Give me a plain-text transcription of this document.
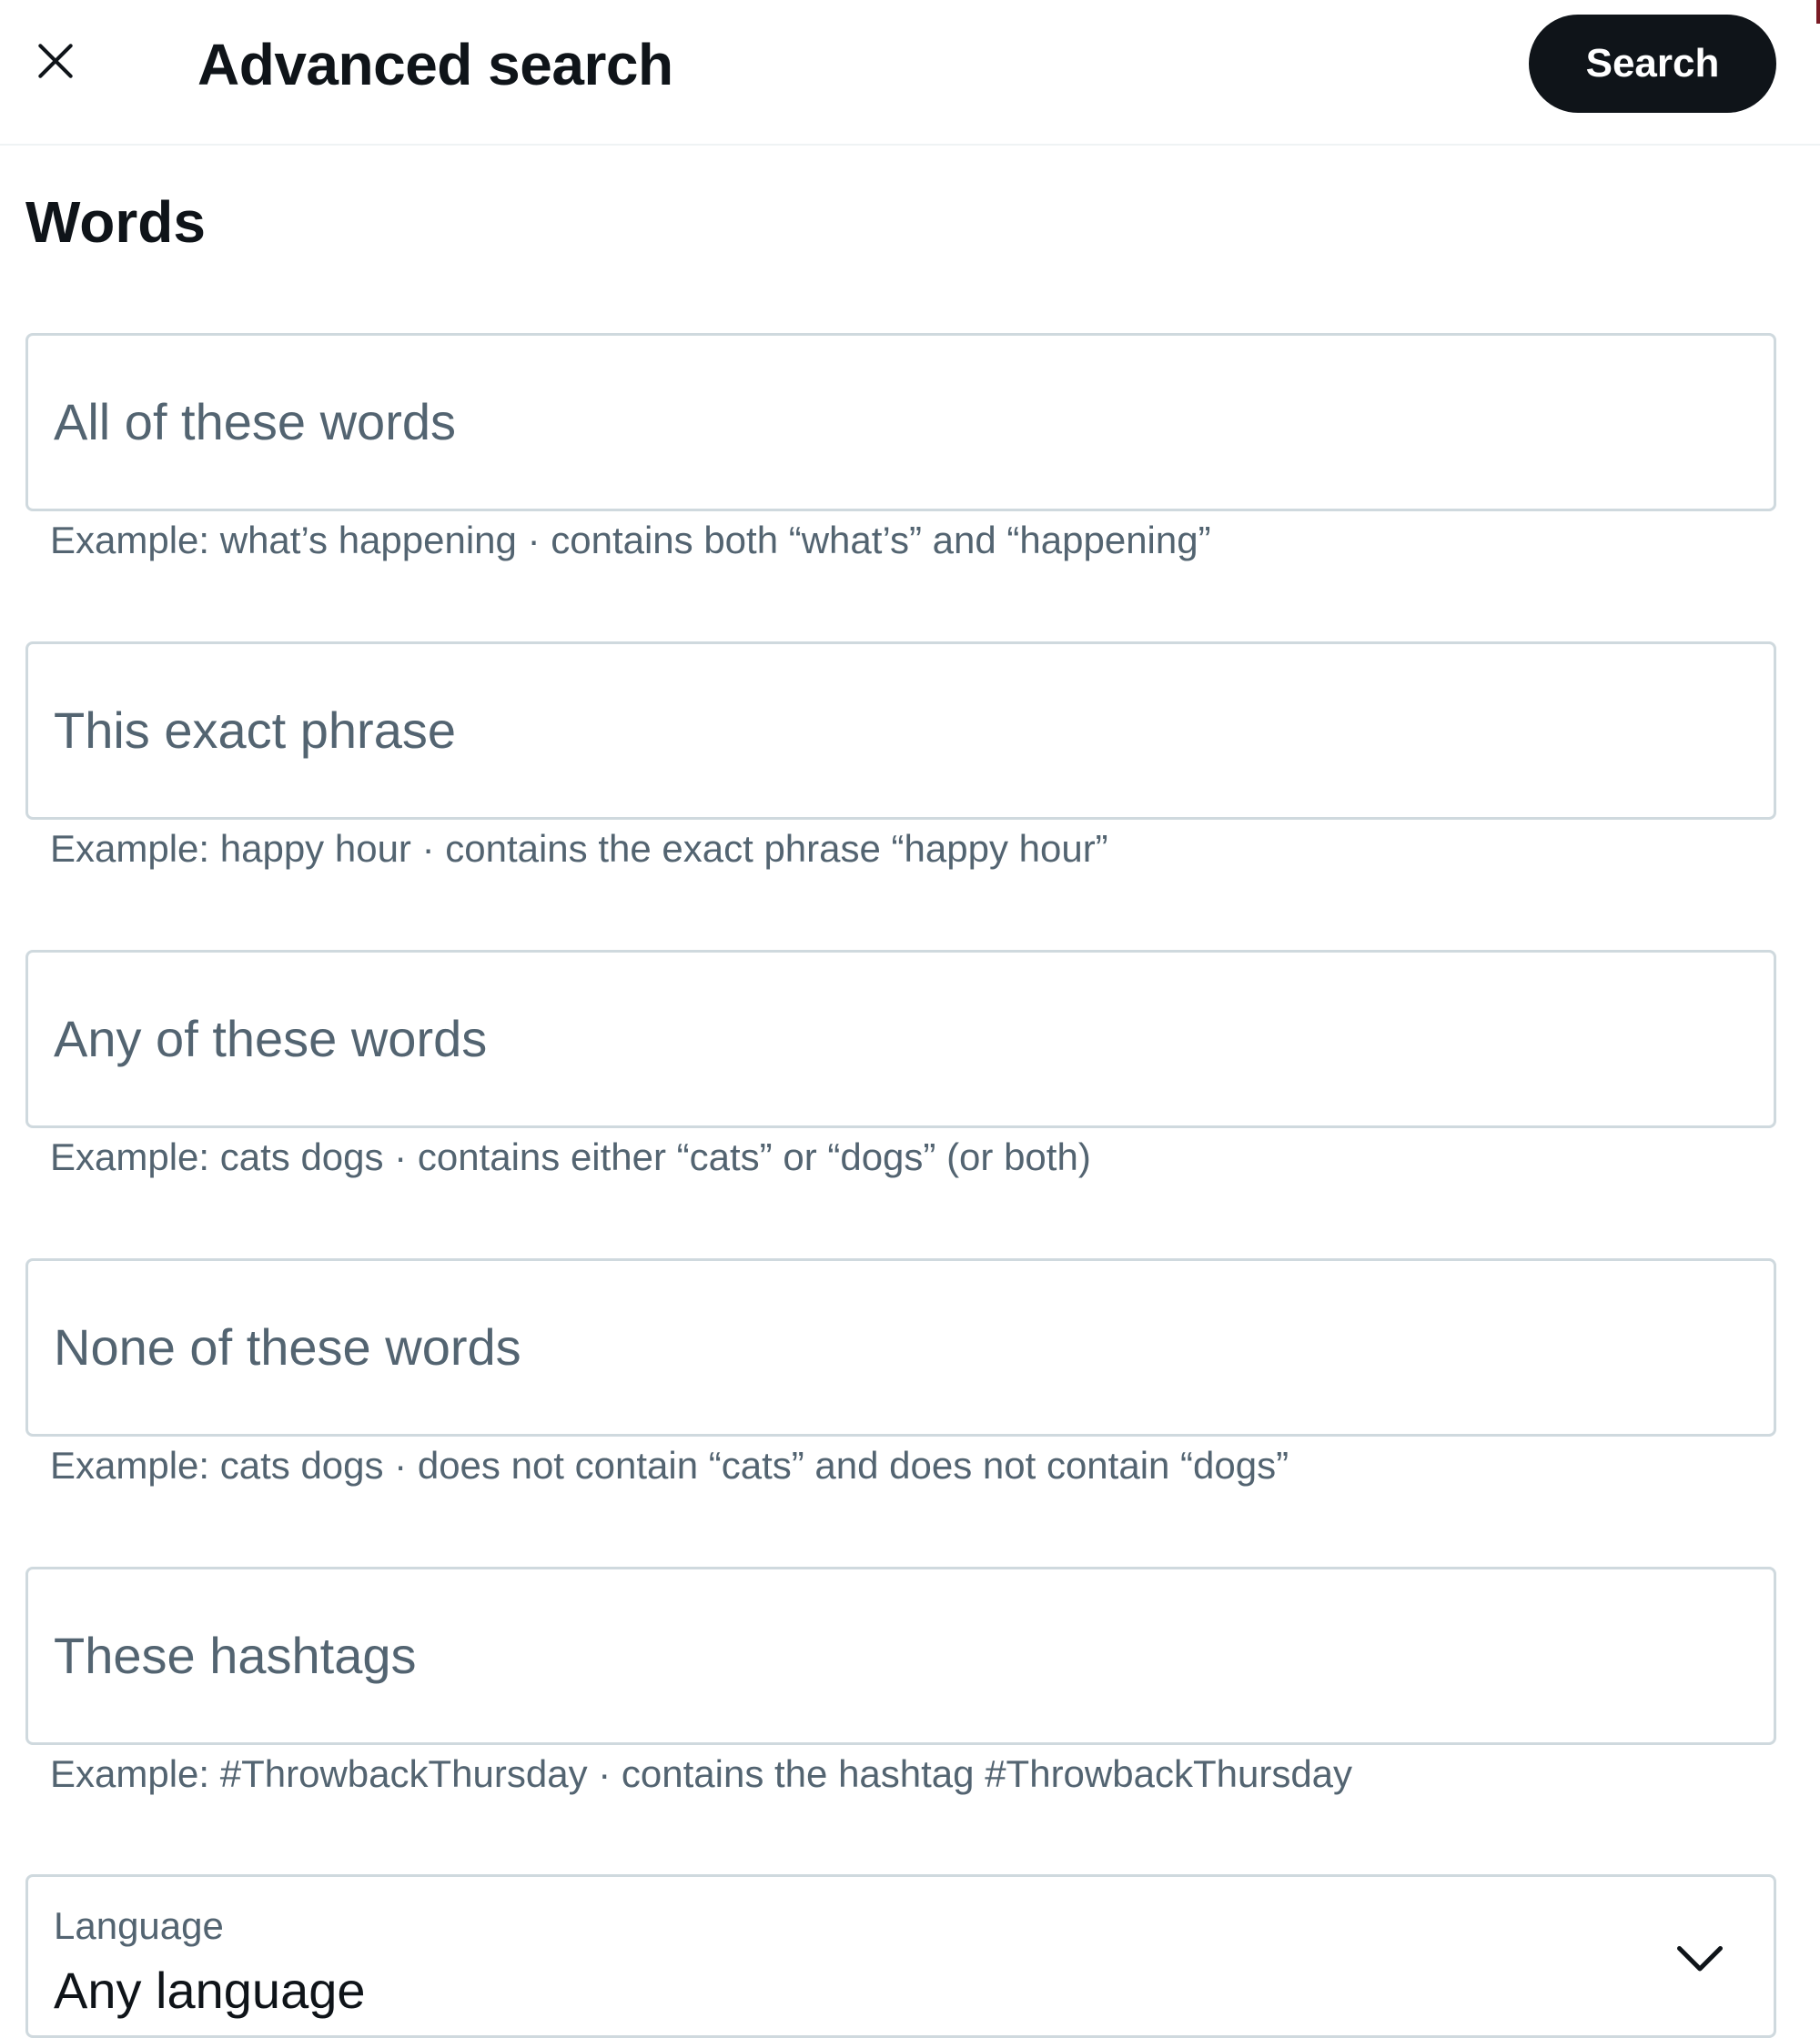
Advanced search	Search
Words
All of these words
Example: what’s happening · contains both “what’s” and “happening”
This exact phrase
Example: happy hour · contains the exact phrase “happy hour”
Any of these words
Example: cats dogs · contains either “cats” or “dogs” (or both)
None of these words
Example: cats dogs · does not contain “cats” and does not contain “dogs”
These hashtags
Example: #ThrowbackThursday · contains the hashtag #ThrowbackThursday
Language
Any language
